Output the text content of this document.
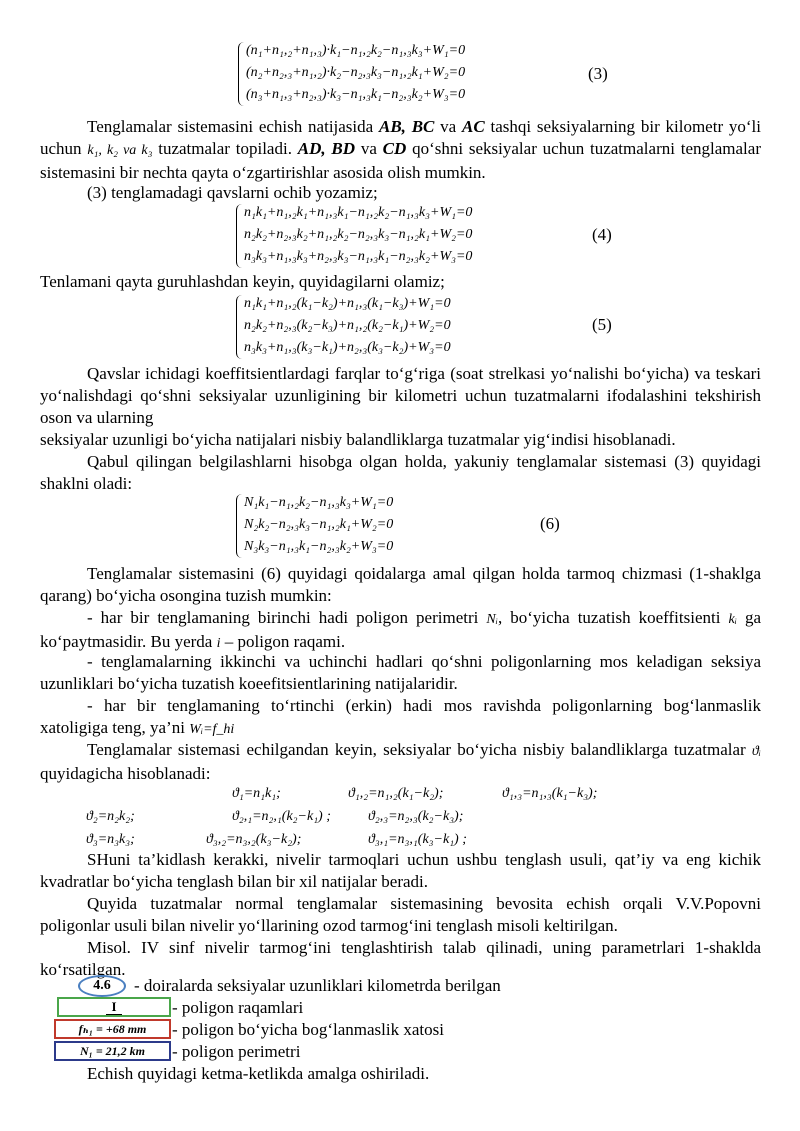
(n₁+n₁,₂+n₁,₃)·k₁−n₁,₂k₂−n₁,₃k₃+W₁=0
(n₂+n₂,₃+n₁,₂)·k₂−n₂,₃k₃−n₁,₂k₁+W₂=0
(n₃+n₁,₃+n₂,₃)·k₃−n₁,₃k₁−n₂,₃k₂+W₃=0
(3)

Tenglamalar sistemasini echish natijasida AB, BC va AC tashqi seksiyalarning bir kilometr yo‘li uchun k₁, k₂ va k₃ tuzatmalar topiladi. AD, BD va CD qo‘shni seksiyalar uchun tuzatmalarni tenglamalar sistemasini bir nechta qayta o‘zgartirishlar asosida olish mumkin.

(3) tenglamadagi qavslarni ochib yozamiz;

n₁k₁+n₁,₂k₁+n₁,₃k₁−n₁,₂k₂−n₁,₃k₃+W₁=0
n₂k₂+n₂,₃k₂+n₁,₂k₂−n₂,₃k₃−n₁,₂k₁+W₂=0
n₃k₃+n₁,₃k₃+n₂,₃k₃−n₁,₃k₁−n₂,₃k₂+W₃=0
(4)

Tenlamani qayta guruhlashdan keyin, quyidagilarni olamiz;

n₁k₁+n₁,₂(k₁−k₂)+n₁,₃(k₁−k₃)+W₁=0
n₂k₂+n₂,₃(k₂−k₃)+n₁,₂(k₂−k₁)+W₂=0
n₃k₃+n₁,₃(k₃−k₁)+n₂,₃(k₃−k₂)+W₃=0
(5)

Qavslar ichidagi koeffitsientlardagi farqlar to‘g‘riga (soat strelkasi yo‘nalishi bo‘yicha) va teskari yo‘nalishdagi qo‘shni seksiyalar uzunligining bir kilometri uchun tuzatmalarni ifodalashini tekshirish oson va ularning

seksiyalar uzunligi bo‘yicha natijalari nisbiy balandliklarga tuzatmalar yig‘indisi hisoblanadi.

Qabul qilingan belgilashlarni hisobga olgan holda, yakuniy tenglamalar sistemasi (3) quyidagi shaklni oladi:

N₁k₁−n₁,₂k₂−n₁,₃k₃+W₁=0
N₂k₂−n₂,₃k₃−n₁,₂k₁+W₂=0
N₃k₃−n₁,₃k₁−n₂,₃k₂+W₃=0
(6)

Tenglamalar sistemasini (6) quyidagi qoidalarga amal qilgan holda tarmoq chizmasi (1-shaklga qarang) bo‘yicha osongina tuzish mumkin:

- har bir tenglamaning birinchi hadi poligon perimetri Nᵢ, bo‘yicha tuzatish koeffitsienti kᵢ ga ko‘paytmasidir. Bu yerda i – poligon raqami.

- tenglamalarning ikkinchi va uchinchi hadlari qo‘shni poligonlarning mos keladigan seksiya uzunliklari bo‘yicha tuzatish koeefitsientlarining natijalaridir.

- har bir tenglamaning to‘rtinchi (erkin) hadi mos ravishda poligonlarning bog‘lanmaslik xatoligiga teng, ya’ni Wᵢ=f_hi

Tenglamalar sistemasi echilgandan keyin, seksiyalar bo‘yicha nisbiy balandliklarga tuzatmalar ϑᵢ quyidagicha hisoblanadi:

ϑ₁=n₁k₁;	ϑ₁,₂=n₁,₂(k₁−k₂);	ϑ₁,₃=n₁,₃(k₁−k₃);
ϑ₂=n₂k₂;	ϑ₂,₁=n₂,₁(k₂−k₁) ;	ϑ₂,₃=n₂,₃(k₂−k₃);
ϑ₃=n₃k₃;	ϑ₃,₂=n₃,₂(k₃−k₂);	ϑ₃,₁=n₃,₁(k₃−k₁) ;

SHuni ta’kidlash kerakki, nivelir tarmoqlari uchun ushbu tenglash usuli, qat’iy va eng kichik kvadratlar bo‘yicha tenglash bilan bir xil natijalar beradi.

Quyida tuzatmalar normal tenglamalar sistemasining bevosita echish orqali V.V.Popovni poligonlar usuli bilan nivelir yo‘llarining ozod tarmog‘ini tenglash misoli keltirilgan.

Misol. IV sinf nivelir tarmog‘ini tenglashtirish talab qilinadi, uning parametrlari 1-shaklda ko‘rsatilgan.

4.6	- doiralarda seksiyalar uzunliklari kilometrda berilgan
I	- poligon raqamlari
fₕ₁ = +68 mm	- poligon bo‘yicha bog‘lanmaslik xatosi
N₁ = 21,2 km	- poligon perimetri

Echish quyidagi ketma-ketlikda amalga oshiriladi.
